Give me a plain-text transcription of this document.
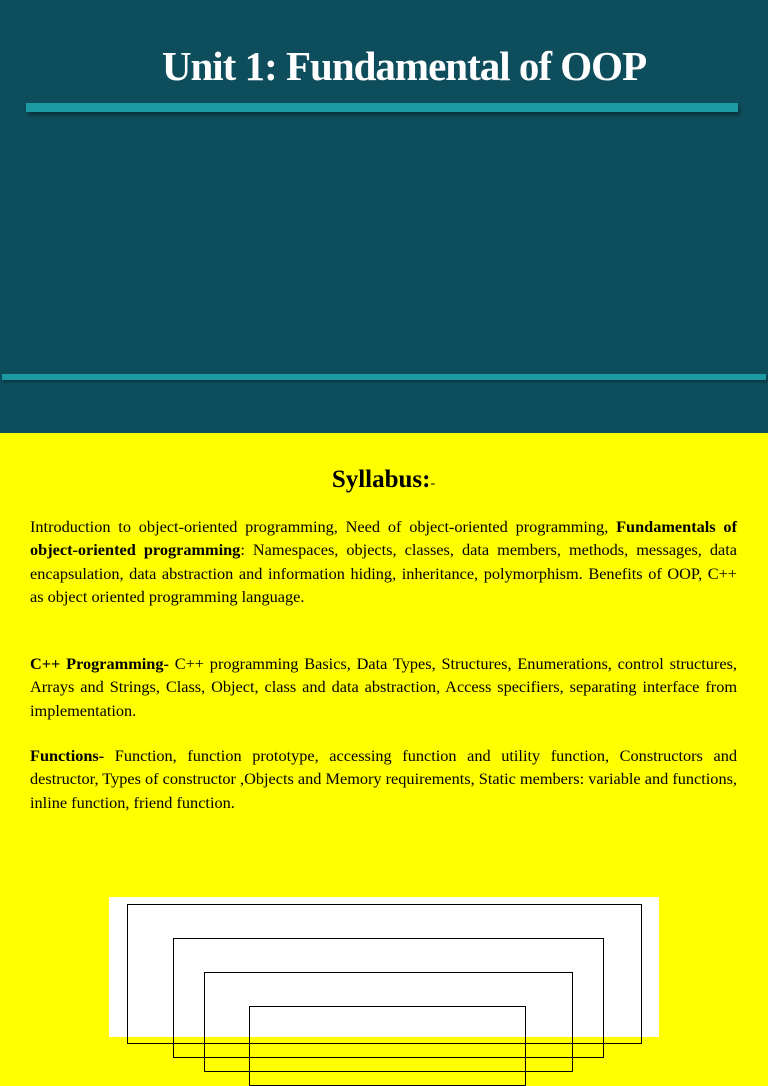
Unit 1: Fundamental of OOP
Syllabus:-

Introduction to object-oriented programming, Need of object-oriented programming, Fundamentals of object-oriented programming: Namespaces, objects, classes, data members, methods, messages, data encapsulation, data abstraction and information hiding, inheritance, polymorphism. Benefits of OOP, C++ as object oriented programming language.

C++ Programming- C++ programming Basics, Data Types, Structures, Enumerations, control structures, Arrays and Strings, Class, Object, class and data abstraction, Access specifiers, separating interface from implementation.

Functions- Function, function prototype, accessing function and utility function, Constructors and destructor, Types of constructor ,Objects and Memory requirements, Static members: variable and functions, inline function, friend function.
